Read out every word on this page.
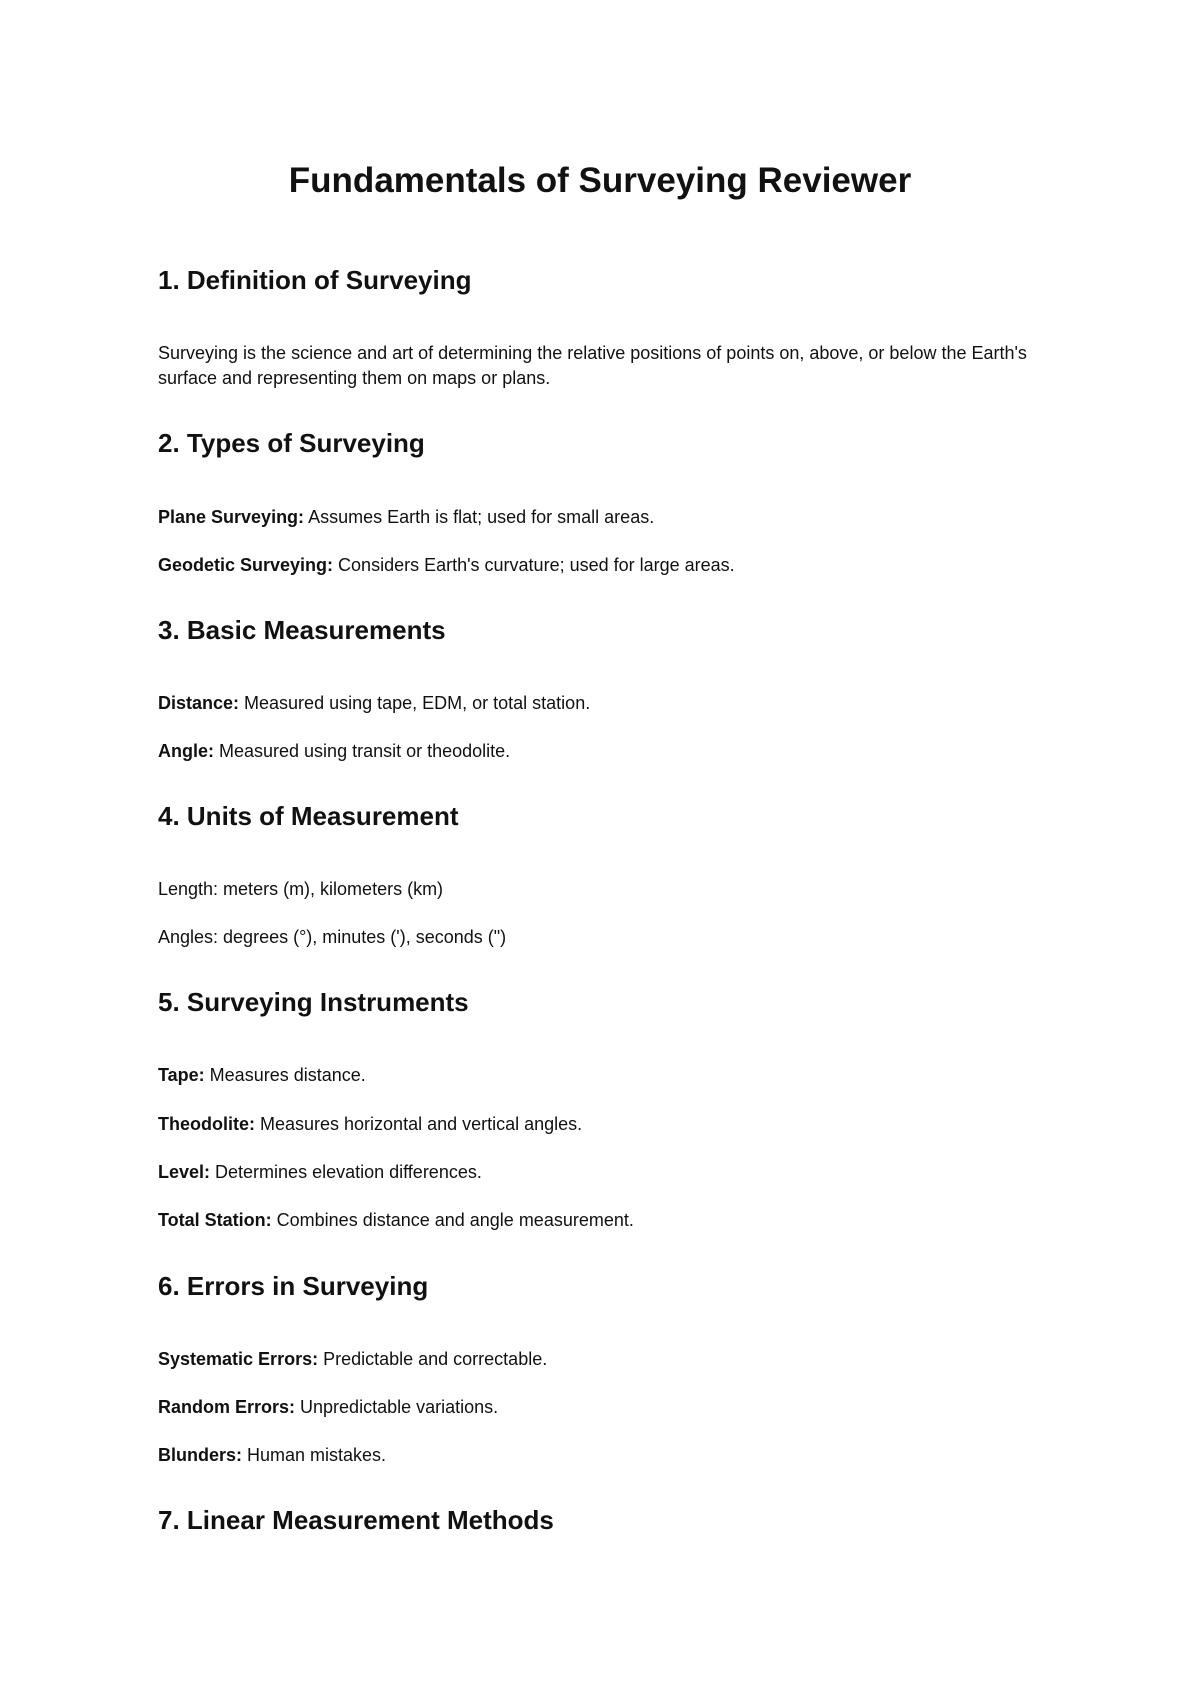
Fundamentals of Surveying Reviewer
1. Definition of Surveying

Surveying is the science and art of determining the relative positions of points on, above, or below the Earth's surface and representing them on maps or plans.

2. Types of Surveying

Plane Surveying: Assumes Earth is flat; used for small areas.

Geodetic Surveying: Considers Earth's curvature; used for large areas.

3. Basic Measurements

Distance: Measured using tape, EDM, or total station.

Angle: Measured using transit or theodolite.

4. Units of Measurement

Length: meters (m), kilometers (km)

Angles: degrees (°), minutes ('), seconds (")

5. Surveying Instruments

Tape: Measures distance.

Theodolite: Measures horizontal and vertical angles.

Level: Determines elevation differences.

Total Station: Combines distance and angle measurement.

6. Errors in Surveying

Systematic Errors: Predictable and correctable.

Random Errors: Unpredictable variations.

Blunders: Human mistakes.

7. Linear Measurement Methods
